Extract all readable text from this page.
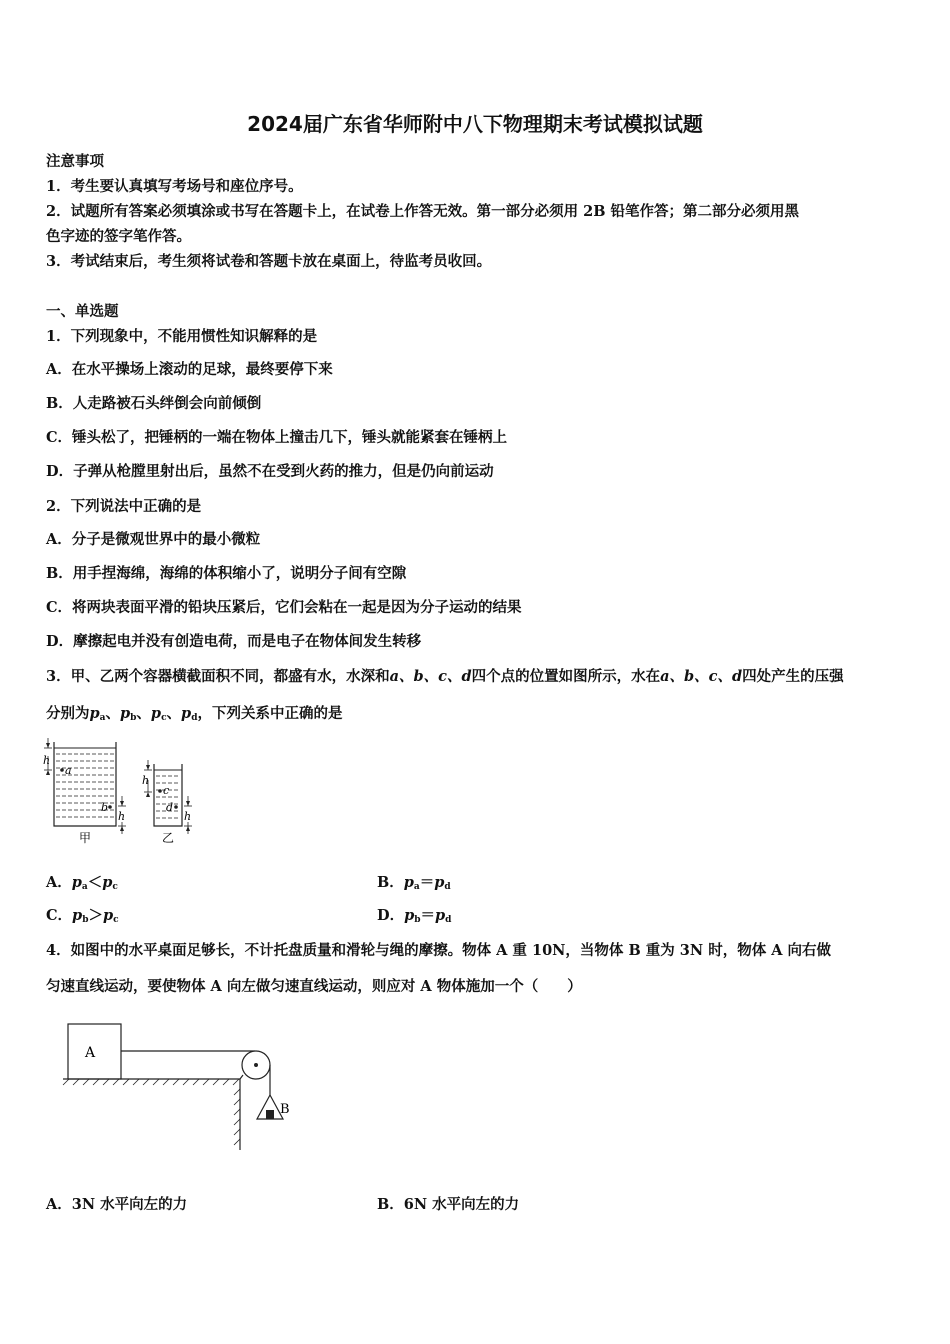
2024届广东省华师附中八下物理期末考试模拟试题
注意事项
1．考生要认真填写考场号和座位序号。
2．试题所有答案必须填涂或书写在答题卡上，在试卷上作答无效。第一部分必须用 2B 铅笔作答；第二部分必须用黑
色字迹的签字笔作答。
3．考试结束后，考生须将试卷和答题卡放在桌面上，待监考员收回。
一、单选题
1．下列现象中，不能用惯性知识解释的是
A．在水平操场上滚动的足球，最终要停下来
B．人走路被石头绊倒会向前倾倒
C．锤头松了，把锤柄的一端在物体上撞击几下，锤头就能紧套在锤柄上
D．子弹从枪膛里射出后，虽然不在受到火药的推力，但是仍向前运动
2．下列说法中正确的是
A．分子是微观世界中的最小微粒
B．用手捏海绵，海绵的体积缩小了，说明分子间有空隙
C．将两块表面平滑的铅块压紧后，它们会粘在一起是因为分子运动的结果
D．摩擦起电并没有创造电荷，而是电子在物体间发生转移
3．甲、乙两个容器横截面积不同，都盛有水，水深和a、b、c、d四个点的位置如图所示，水在a、b、c、d四处产生的压强
分别为$p_a$、$p_b$、$p_c$、$p_d$，下列关系中正确的是
h
a
b
h
甲
h
c
d
h
乙
A．$p_a<p_c$	B．$p_a=p_d$
C．$p_b>p_c$	D．$p_b=p_d$
4．如图中的水平桌面足够长，不计托盘质量和滑轮与绳的摩擦。物体 A 重 10N，当物体 B 重为 3N 时，物体 A 向右做
匀速直线运动，要使物体 A 向左做匀速直线运动，则应对 A 物体施加一个（　　）
A
B
A．3N 水平向左的力	B．6N 水平向左的力
